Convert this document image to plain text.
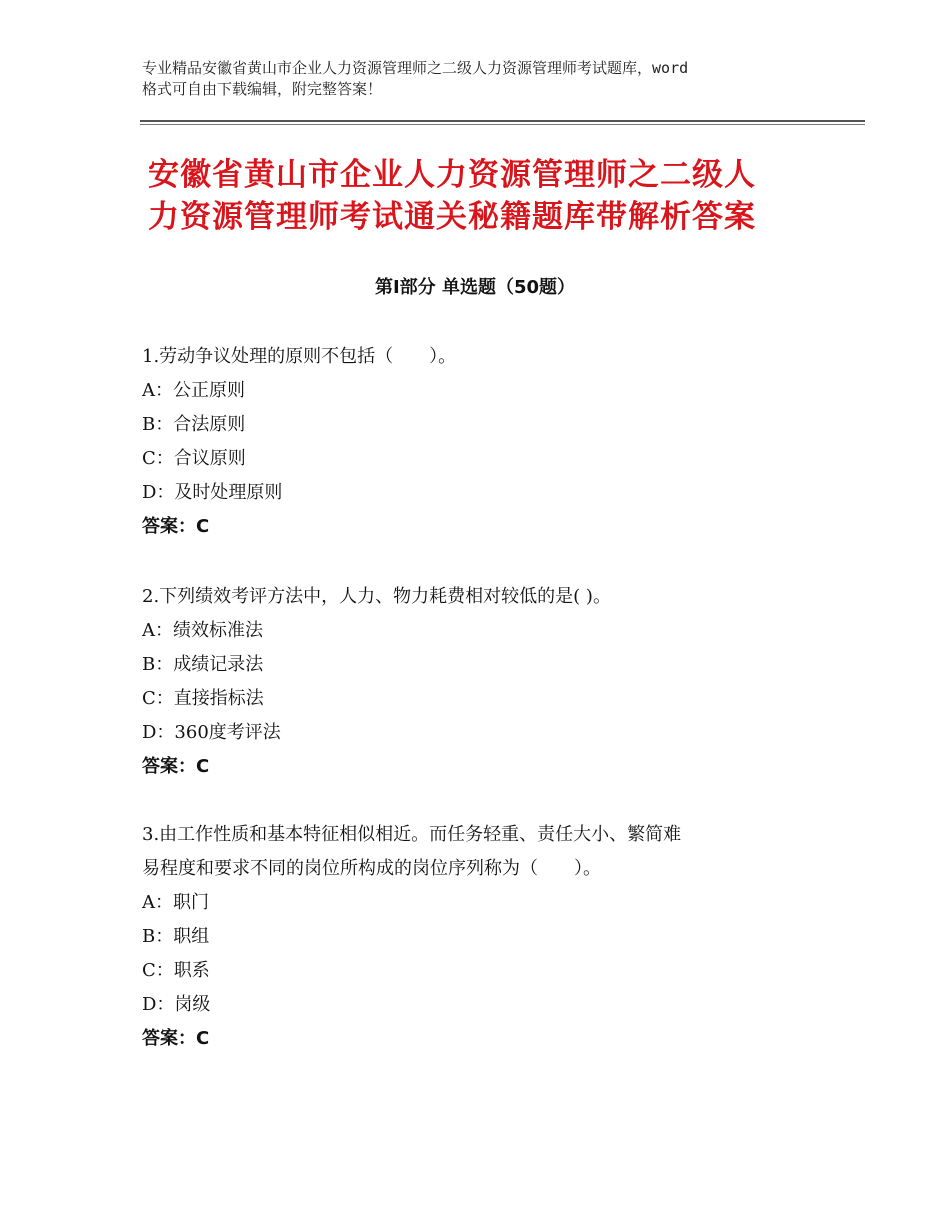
专业精品安徽省黄山市企业人力资源管理师之二级人力资源管理师考试题库，word
格式可自由下载编辑，附完整答案！
安徽省黄山市企业人力资源管理师之二级人
力资源管理师考试通关秘籍题库带解析答案
第Ⅰ部分 单选题（50题）
1.劳动争议处理的原则不包括（　　）。
A：公正原则
B：合法原则
C：合议原则
D：及时处理原则
答案：C
2.下列绩效考评方法中，人力、物力耗费相对较低的是( )。
A：绩效标准法
B：成绩记录法
C：直接指标法
D：360度考评法
答案：C
3.由工作性质和基本特征相似相近。而任务轻重、责任大小、繁简难
易程度和要求不同的岗位所构成的岗位序列称为（　　）。
A：职门
B：职组
C：职系
D：岗级
答案：C
